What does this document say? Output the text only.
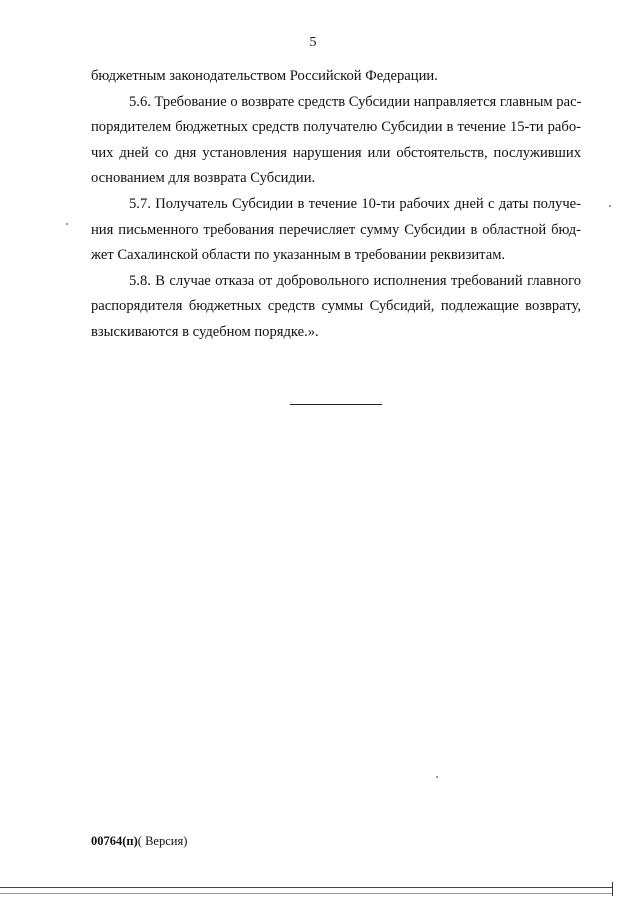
5
бюджетным законодательством Российской Федерации.
5.6. Требование о возврате средств Субсидии направляется главным рас-
порядителем бюджетных средств получателю Субсидии в течение 15-ти рабо-
чих дней со дня установления нарушения или обстоятельств, послуживших
основанием для возврата Субсидии.
5.7. Получатель Субсидии в течение 10-ти рабочих дней с даты получе-
ния письменного требования перечисляет сумму Субсидии в областной бюд-
жет Сахалинской области по указанным в требовании реквизитам.
5.8. В случае отказа от добровольного исполнения требований главного
распорядителя бюджетных средств суммы Субсидий, подлежащие возврату,
взыскиваются в судебном порядке.».
00764(п)( Версия)
